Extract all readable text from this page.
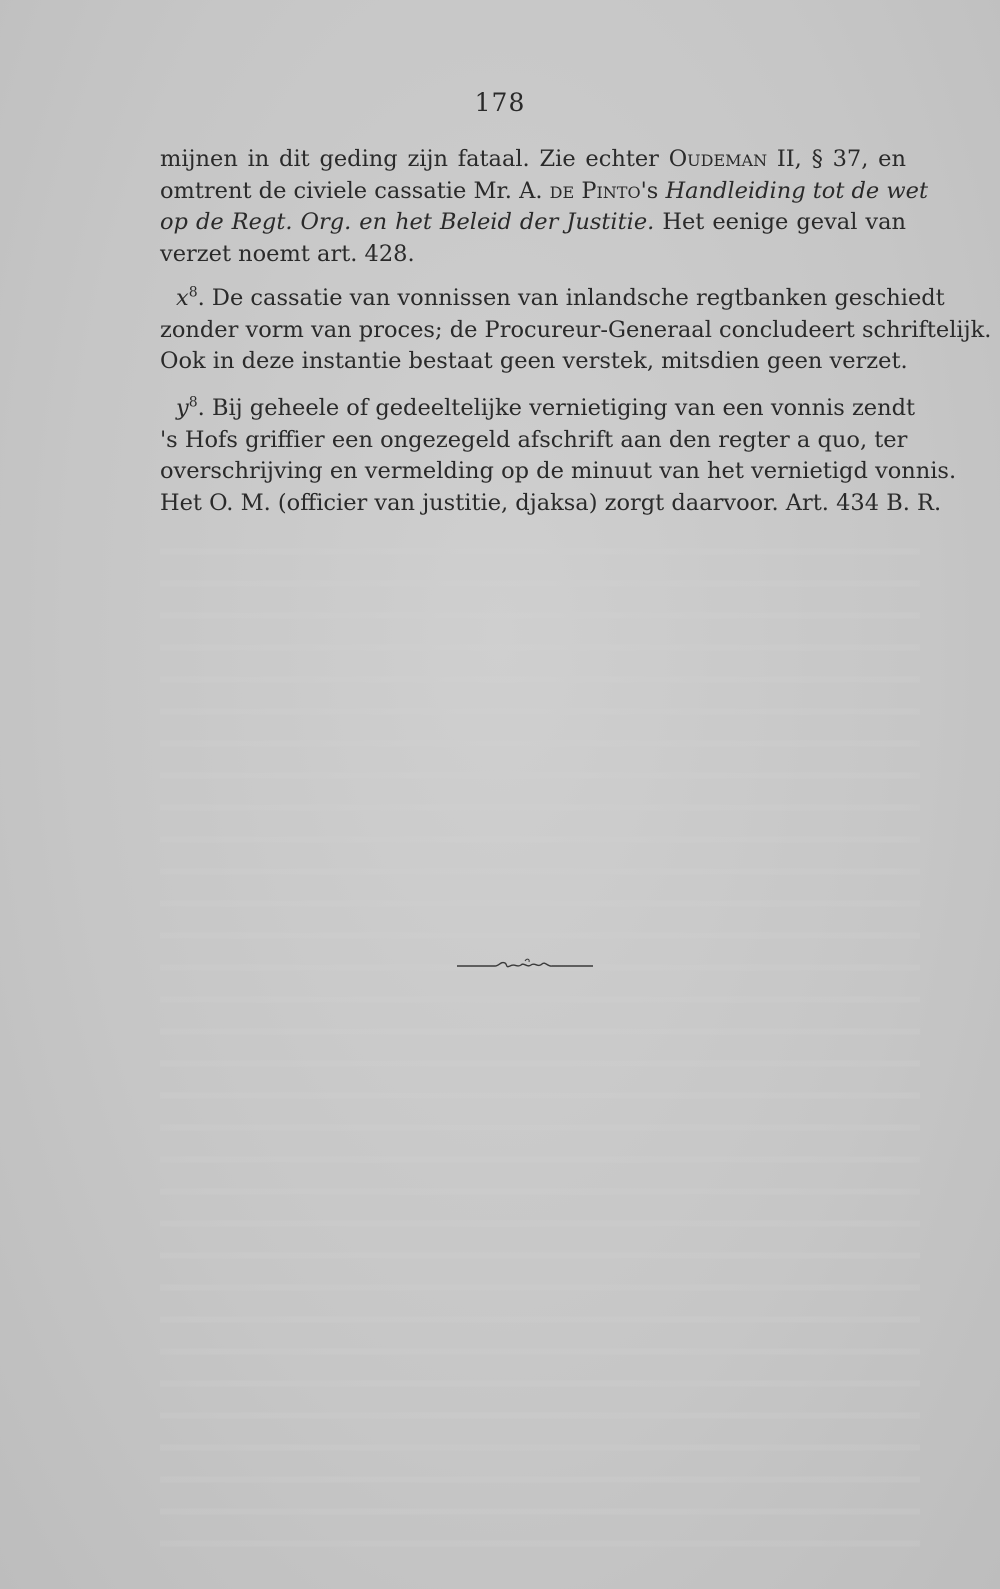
178
mijnen in dit geding zijn fataal. Zie echter Oudeman II, § 37, en
omtrent de civiele cassatie Mr. A. de Pinto's Handleiding tot de wet
op de Regt. Org. en het Beleid der Justitie. Het eenige geval van
verzet noemt art. 428.
$x^8$. De cassatie van vonnissen van inlandsche regtbanken geschiedt
zonder vorm van proces; de Procureur-Generaal concludeert schriftelijk.
Ook in deze instantie bestaat geen verstek, mitsdien geen verzet.
$y^8$. Bij geheele of gedeeltelijke vernietiging van een vonnis zendt
's Hofs griffier een ongezegeld afschrift aan den regter a quo, ter
overschrijving en vermelding op de minuut van het vernietigd vonnis.
Het O. M. (officier van justitie, djaksa) zorgt daarvoor. Art. 434 B. R.
